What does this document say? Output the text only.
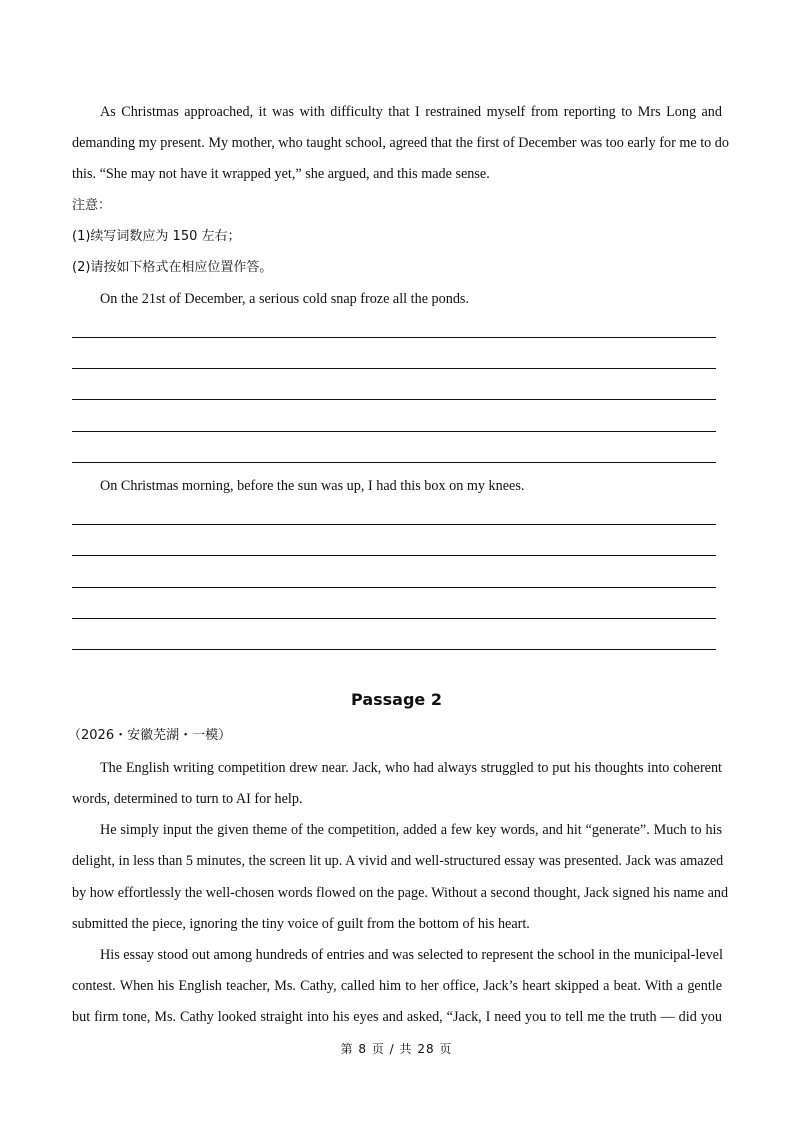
As Christmas approached, it was with difficulty that I restrained myself from reporting to Mrs Long and
demanding my present. My mother, who taught school, agreed that the first of December was too early for me to do
this. “She may not have it wrapped yet,” she argued, and this made sense.
注意：
(1)续写词数应为 150 左右；
(2)请按如下格式在相应位置作答。
On the 21st of December, a serious cold snap froze all the ponds.
On Christmas morning, before the sun was up, I had this box on my knees.
Passage 2
（2026・安徽芜湖・一模）
The English writing competition drew near. Jack, who had always struggled to put his thoughts into coherent
words, determined to turn to AI for help.
He simply input the given theme of the competition, added a few key words, and hit “generate”. Much to his
delight, in less than 5 minutes, the screen lit up. A vivid and well-structured essay was presented. Jack was amazed
by how effortlessly the well-chosen words flowed on the page. Without a second thought, Jack signed his name and
submitted the piece, ignoring the tiny voice of guilt from the bottom of his heart.
His essay stood out among hundreds of entries and was selected to represent the school in the municipal-level
contest. When his English teacher, Ms. Cathy, called him to her office, Jack’s heart skipped a beat. With a gentle
but firm tone, Ms. Cathy looked straight into his eyes and asked, “Jack, I need you to tell me the truth — did you
第 8 页 / 共 28 页
